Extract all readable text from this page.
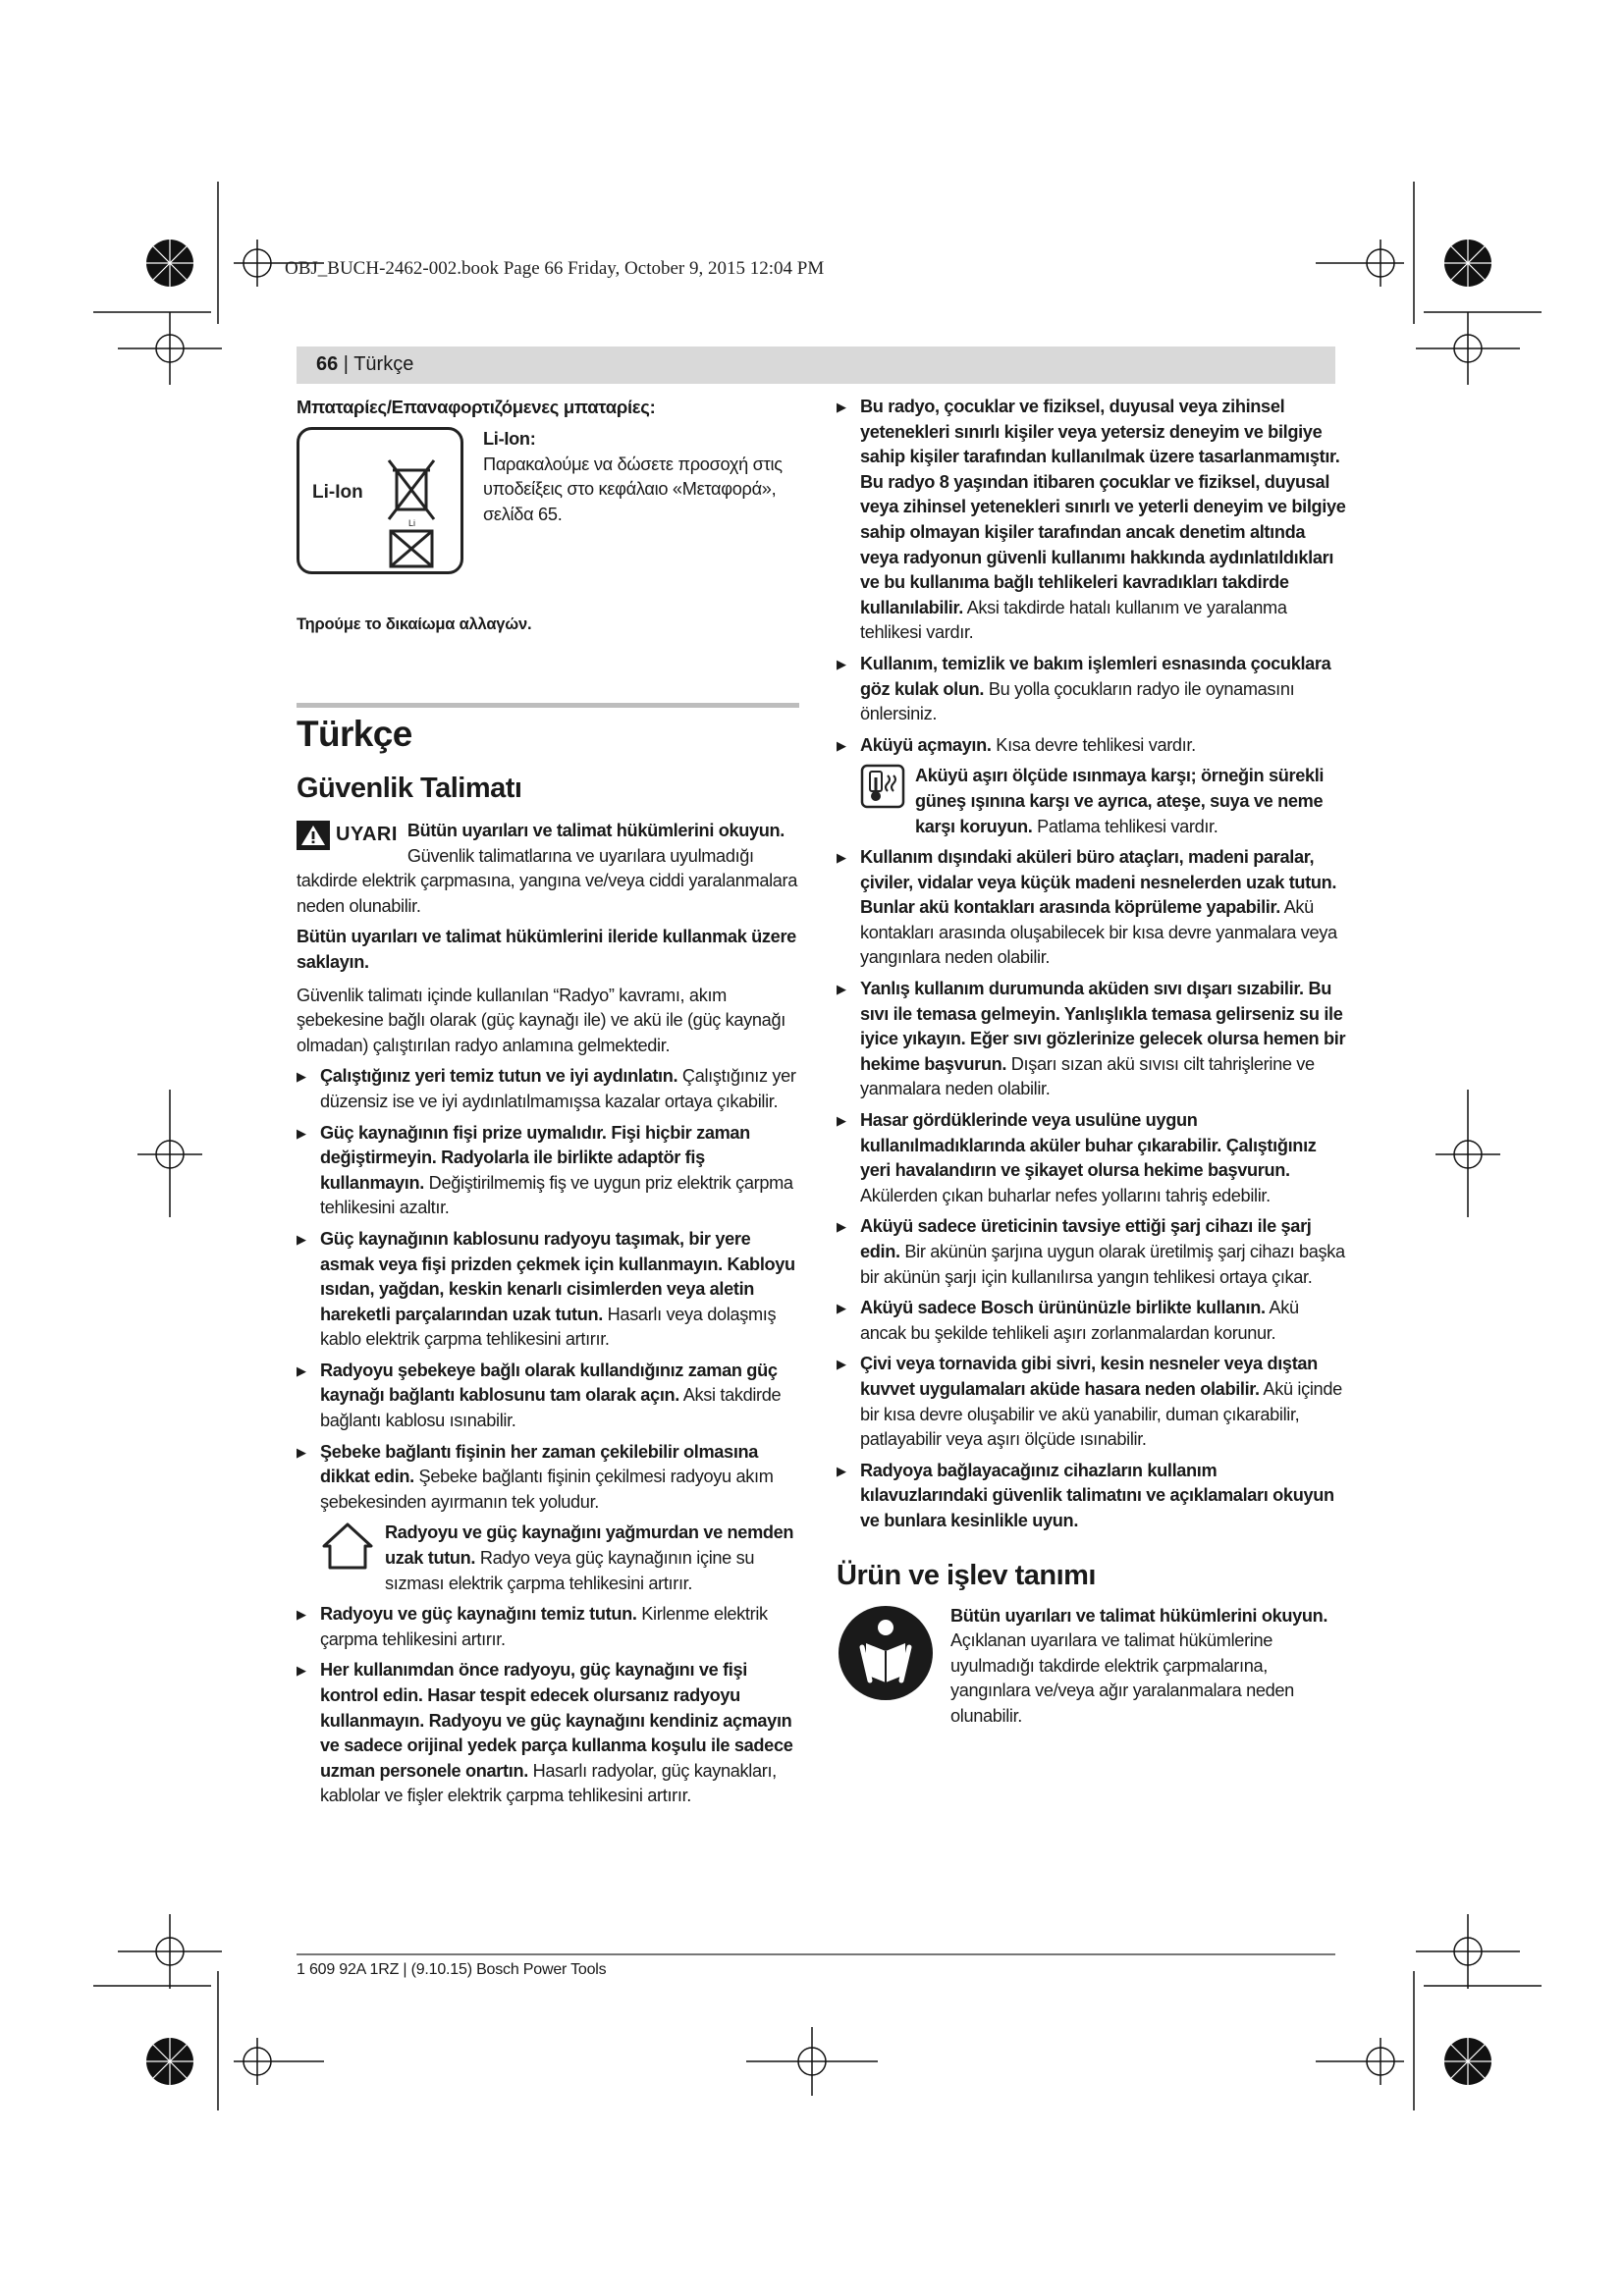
OBJ_BUCH-2462-002.book Page 66 Friday, October 9, 2015 12:04 PM
66 | Türkçe
Μπαταρίες/Επαναφορτιζόμενες μπαταρίες:
Li-Ion
Li
Li-Ion:
Παρακαλούμε να δώσετε προσοχή στις υποδείξεις στο κεφάλαιο «Μεταφορά», σελίδα 65.
Τηρούμε το δικαίωμα αλλαγών.
Türkçe
Güvenlik Talimatı
UYARI Bütün uyarıları ve talimat hükümlerini okuyun. Güvenlik talimatlarına ve uyarılara uyulmadığı takdirde elektrik çarpmasına, yangına ve/veya ciddi yaralanmalara neden olunabilir.
Bütün uyarıları ve talimat hükümlerini ileride kullanmak üzere saklayın.
Güvenlik talimatı içinde kullanılan “Radyo” kavramı, akım şebekesine bağlı olarak (güç kaynağı ile) ve akü ile (güç kaynağı olmadan) çalıştırılan radyo anlamına gelmektedir.
▶ Çalıştığınız yeri temiz tutun ve iyi aydınlatın. Çalıştığınız yer düzensiz ise ve iyi aydınlatılmamışsa kazalar ortaya çıkabilir.
▶ Güç kaynağının fişi prize uymalıdır. Fişi hiçbir zaman değiştirmeyin. Radyolarla ile birlikte adaptör fiş kullanmayın. Değiştirilmemiş fiş ve uygun priz elektrik çarpma tehlikesini azaltır.
▶ Güç kaynağının kablosunu radyoyu taşımak, bir yere asmak veya fişi prizden çekmek için kullanmayın. Kabloyu ısıdan, yağdan, keskin kenarlı cisimlerden veya aletin hareketli parçalarından uzak tutun. Hasarlı veya dolaşmış kablo elektrik çarpma tehlikesini artırır.
▶ Radyoyu şebekeye bağlı olarak kullandığınız zaman güç kaynağı bağlantı kablosunu tam olarak açın. Aksi takdirde bağlantı kablosu ısınabilir.
▶ Şebeke bağlantı fişinin her zaman çekilebilir olmasına dikkat edin. Şebeke bağlantı fişinin çekilmesi radyoyu akım şebekesinden ayırmanın tek yoludur.
Radyoyu ve güç kaynağını yağmurdan ve nemden uzak tutun. Radyo veya güç kaynağının içine su sızması elektrik çarpma tehlikesini artırır.
▶ Radyoyu ve güç kaynağını temiz tutun. Kirlenme elektrik çarpma tehlikesini artırır.
▶ Her kullanımdan önce radyoyu, güç kaynağını ve fişi kontrol edin. Hasar tespit edecek olursanız radyoyu kullanmayın. Radyoyu ve güç kaynağını kendiniz açmayın ve sadece orijinal yedek parça kullanma koşulu ile sadece uzman personele onartın. Hasarlı radyolar, güç kaynakları, kablolar ve fişler elektrik çarpma tehlikesini artırır.
▶ Bu radyo, çocuklar ve fiziksel, duyusal veya zihinsel yetenekleri sınırlı kişiler veya yetersiz deneyim ve bilgiye sahip kişiler tarafından kullanılmak üzere tasarlanmamıştır. Bu radyo 8 yaşından itibaren çocuklar ve fiziksel, duyusal veya zihinsel yetenekleri sınırlı ve yeterli deneyim ve bilgiye sahip olmayan kişiler tarafından ancak denetim altında veya radyonun güvenli kullanımı hakkında aydınlatıldıkları ve bu kullanıma bağlı tehlikeleri kavradıkları takdirde kullanılabilir. Aksi takdirde hatalı kullanım ve yaralanma tehlikesi vardır.
▶ Kullanım, temizlik ve bakım işlemleri esnasında çocuklara göz kulak olun. Bu yolla çocukların radyo ile oynamasını önlersiniz.
▶ Aküyü açmayın. Kısa devre tehlikesi vardır.
Aküyü aşırı ölçüde ısınmaya karşı; örneğin sürekli güneş ışınına karşı ve ayrıca, ateşe, suya ve neme karşı koruyun. Patlama tehlikesi vardır.
▶ Kullanım dışındaki aküleri büro ataçları, madeni paralar, çiviler, vidalar veya küçük madeni nesnelerden uzak tutun. Bunlar akü kontakları arasında köprüleme yapabilir. Akü kontakları arasında oluşabilecek bir kısa devre yanmalara veya yangınlara neden olabilir.
▶ Yanlış kullanım durumunda aküden sıvı dışarı sızabilir. Bu sıvı ile temasa gelmeyin. Yanlışlıkla temasa gelirseniz su ile iyice yıkayın. Eğer sıvı gözlerinize gelecek olursa hemen bir hekime başvurun. Dışarı sızan akü sıvısı cilt tahrişlerine ve yanmalara neden olabilir.
▶ Hasar gördüklerinde veya usulüne uygun kullanılmadıklarında aküler buhar çıkarabilir. Çalıştığınız yeri havalandırın ve şikayet olursa hekime başvurun. Akülerden çıkan buharlar nefes yollarını tahriş edebilir.
▶ Aküyü sadece üreticinin tavsiye ettiği şarj cihazı ile şarj edin. Bir akünün şarjına uygun olarak üretilmiş şarj cihazı başka bir akünün şarjı için kullanılırsa yangın tehlikesi ortaya çıkar.
▶ Aküyü sadece Bosch ürününüzle birlikte kullanın. Akü ancak bu şekilde tehlikeli aşırı zorlanmalardan korunur.
▶ Çivi veya tornavida gibi sivri, kesin nesneler veya dıştan kuvvet uygulamaları aküde hasara neden olabilir. Akü içinde bir kısa devre oluşabilir ve akü yanabilir, duman çıkarabilir, patlayabilir veya aşırı ölçüde ısınabilir.
▶ Radyoya bağlayacağınız cihazların kullanım kılavuzlarındaki güvenlik talimatını ve açıklamaları okuyun ve bunlara kesinlikle uyun.
Ürün ve işlev tanımı
Bütün uyarıları ve talimat hükümlerini okuyun. Açıklanan uyarılara ve talimat hükümlerine uyulmadığı takdirde elektrik çarpmalarına, yangınlara ve/veya ağır yaralanmalara neden olunabilir.
1 609 92A 1RZ | (9.10.15) Bosch Power Tools
